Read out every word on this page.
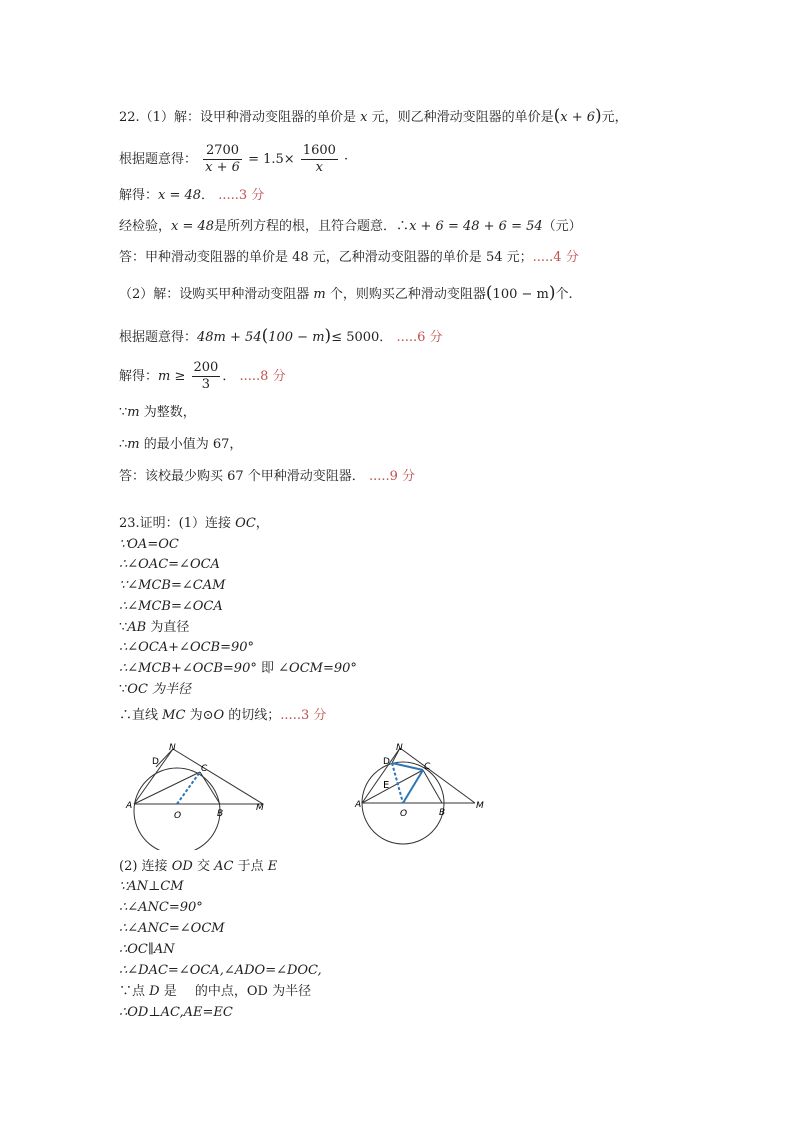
22.（1）解：设甲种滑动变阻器的单价是 x 元，则乙种滑动变阻器的单价是(x + 6)元，
根据题意得： $\frac{2700}{x + 6} = 1.5\times \frac{1600}{x}$ ·
解得：x = 48． .....3 分
经检验，x = 48是所列方程的根，且符合题意．∴x + 6 = 48 + 6 = 54（元）
答：甲种滑动变阻器的单价是 48 元，乙种滑动变阻器的单价是 54 元；.....4 分
（2）解：设购买甲种滑动变阻器 m 个，则购买乙种滑动变阻器(100 − m)个.
根据题意得：48m + 54(100 − m)≤ 5000． .....6 分
解得：$m \ge \frac{200}{3}$ ． .....8 分
∵m 为整数，
∴m 的最小值为 67，
答：该校最少购买 67 个甲种滑动变阻器． .....9 分
23.证明：(1）连接 OC，
∵OA=OC
∴∠OAC=∠OCA
∵∠MCB=∠CAM
∴∠MCB=∠OCA
∵AB 为直径
∴∠OCA+∠OCB=90°
∴∠MCB+∠OCB=90° 即 ∠OCM=90°
∵OC 为半径
∴直线 MC 为⊙O 的切线；.....3 分
N
D
C
A
O	B
M
N
D	C
E
A
O	B
M
(2) 连接 OD 交 AC 于点 E
∵AN⊥CM
∴∠ANC=90°
∴∠ANC=∠OCM
∴OC∥AN
∴∠DAC=∠OCA,∠ADO=∠DOC,
∵点 D 是 的中点，OD 为半径
∴OD⊥AC,AE=EC
